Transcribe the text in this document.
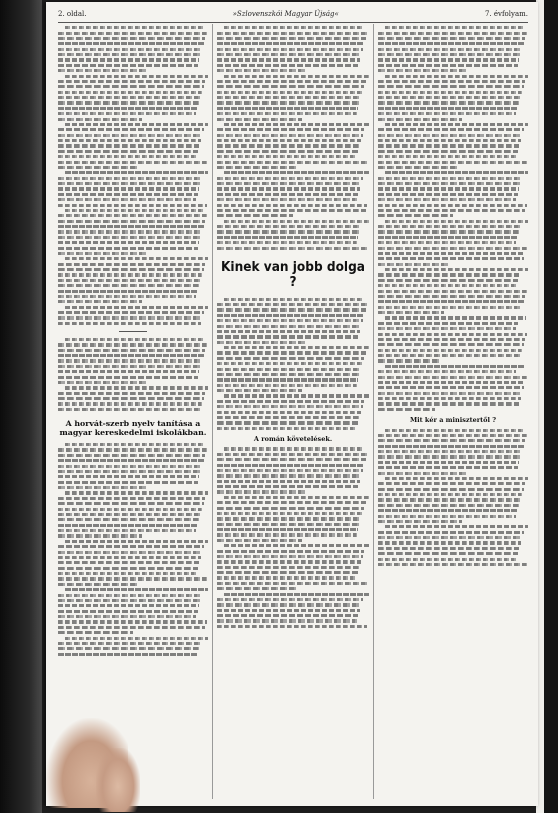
2. oldal.	»Szlovenszkói Magyar Újság«	7. évfolyam.
A horvát-szerb nyelv tanítása a magyar kereskedelmi iskolákban.
Kinek van jobb dolga ?
A román követelések.
Mit kér a minisztertől ?
